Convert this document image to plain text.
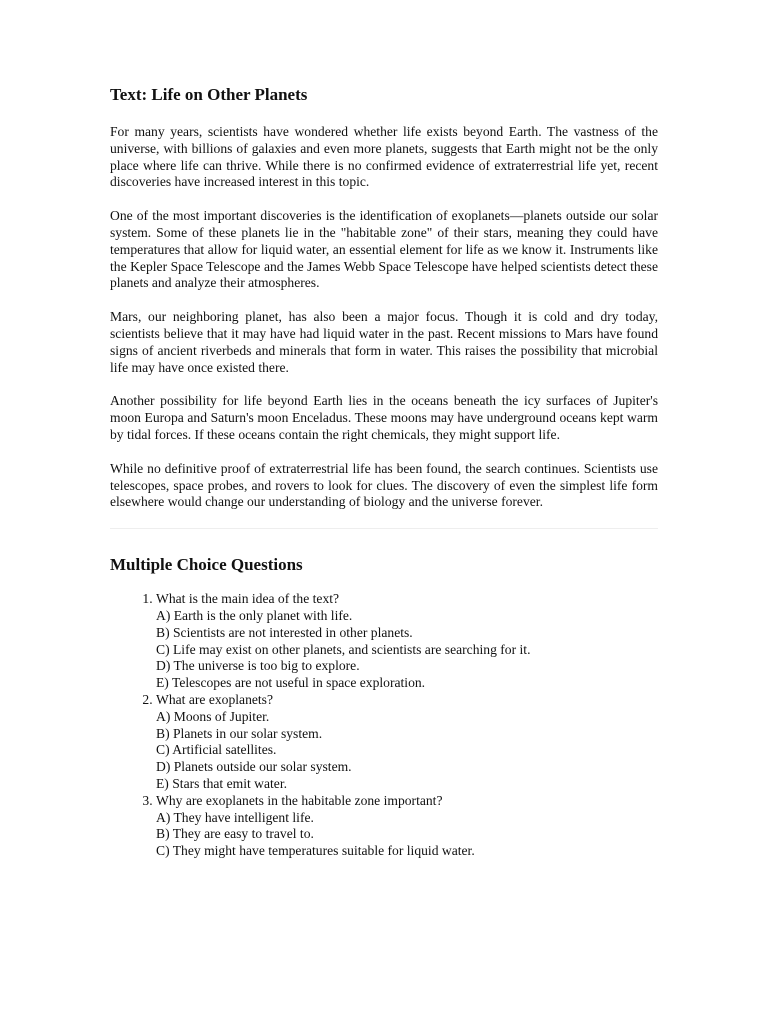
Text: Life on Other Planets

For many years, scientists have wondered whether life exists beyond Earth. The vastness of the universe, with billions of galaxies and even more planets, suggests that Earth might not be the only place where life can thrive. While there is no confirmed evidence of extraterrestrial life yet, recent discoveries have increased interest in this topic.

One of the most important discoveries is the identification of exoplanets—planets outside our solar system. Some of these planets lie in the "habitable zone" of their stars, meaning they could have temperatures that allow for liquid water, an essential element for life as we know it. Instruments like the Kepler Space Telescope and the James Webb Space Telescope have helped scientists detect these planets and analyze their atmospheres.

Mars, our neighboring planet, has also been a major focus. Though it is cold and dry today, scientists believe that it may have had liquid water in the past. Recent missions to Mars have found signs of ancient riverbeds and minerals that form in water. This raises the possibility that microbial life may have once existed there.

Another possibility for life beyond Earth lies in the oceans beneath the icy surfaces of Jupiter's moon Europa and Saturn's moon Enceladus. These moons may have underground oceans kept warm by tidal forces. If these oceans contain the right chemicals, they might support life.

While no definitive proof of extraterrestrial life has been found, the search continues. Scientists use telescopes, space probes, and rovers to look for clues. The discovery of even the simplest life form elsewhere would change our understanding of biology and the universe forever.

Multiple Choice Questions
1. What is the main idea of the text?
A) Earth is the only planet with life.
B) Scientists are not interested in other planets.
C) Life may exist on other planets, and scientists are searching for it.
D) The universe is too big to explore.
E) Telescopes are not useful in space exploration.
2. What are exoplanets?
A) Moons of Jupiter.
B) Planets in our solar system.
C) Artificial satellites.
D) Planets outside our solar system.
E) Stars that emit water.
3. Why are exoplanets in the habitable zone important?
A) They have intelligent life.
B) They are easy to travel to.
C) They might have temperatures suitable for liquid water.
